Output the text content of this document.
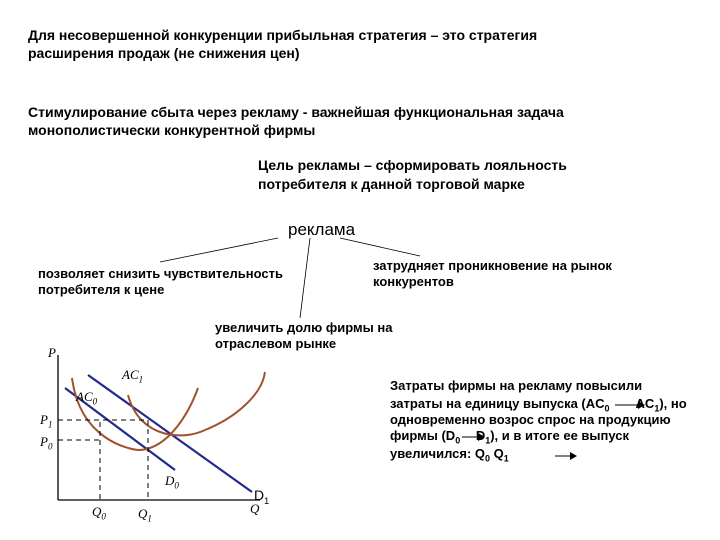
Для несовершенной конкуренции прибыльная стратегия – это стратегия
расширения продаж (не снижения цен)
Стимулирование сбыта через рекламу - важнейшая функциональная задача
монополистически конкурентной фирмы
Цель рекламы – сформировать лояльность
потребителя к данной торговой марке
реклама
позволяет снизить чувствительность
потребителя к цене
затрудняет проникновение на рынок
конкурентов
увеличить долю фирмы на
отраслевом рынке
Затраты фирмы на рекламу повысили
затраты на единицу выпуска ($AC_0$ $AC_1$), но
одновременно возрос спрос на продукцию
фирмы ($D_0$ $D_1$), и в итоге ее выпуск
увеличился: $Q_0$ $Q_1$
P
Q
$P_1$
$P_0$
$Q_0$ $Q_1$
$AC_0$
$AC_1$
$D_0$
$D_1$
